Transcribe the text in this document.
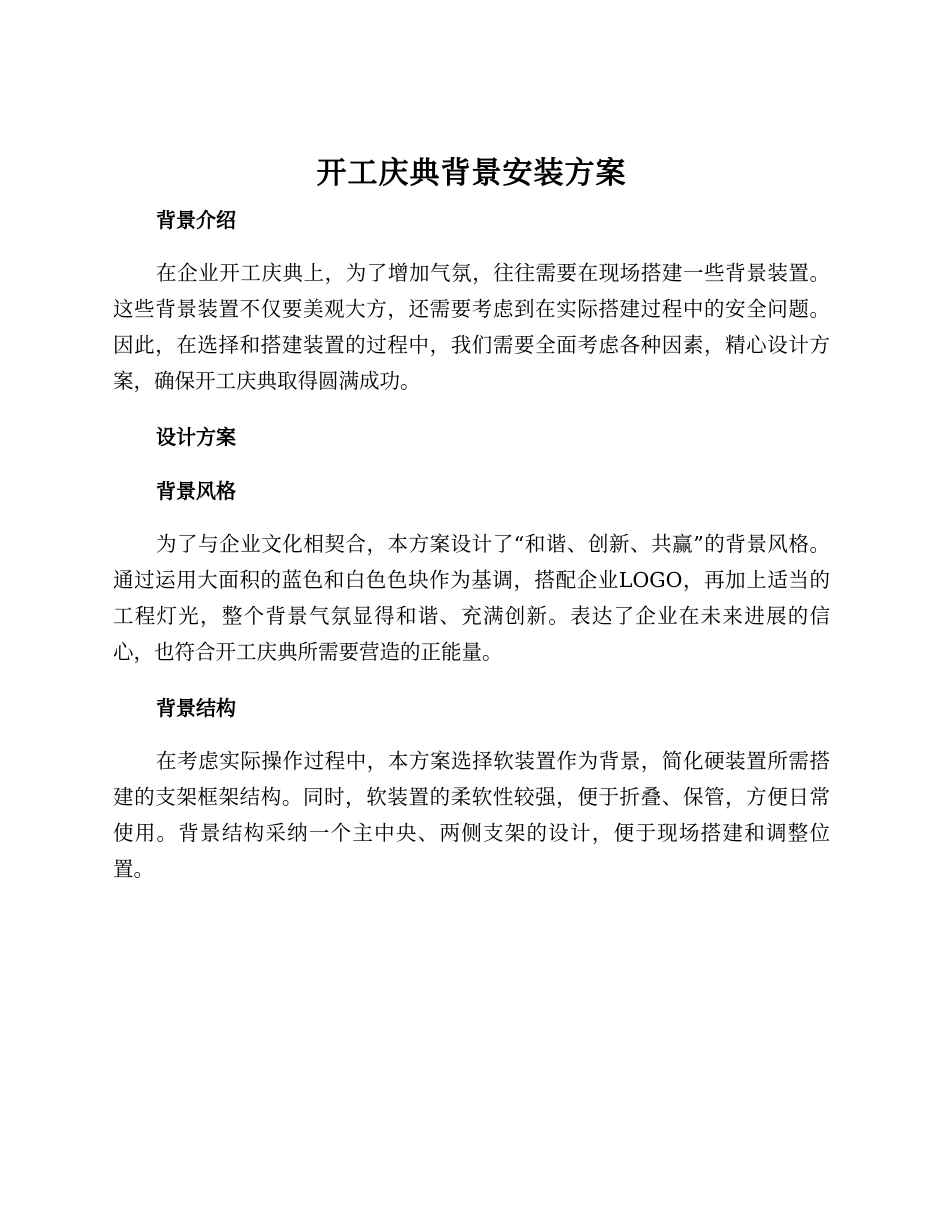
开工庆典背景安装方案
背景介绍

在企业开工庆典上，为了增加气氛，往往需要在现场搭建一些背景装置。这些背景装置不仅要美观大方，还需要考虑到在实际搭建过程中的安全问题。因此，在选择和搭建装置的过程中，我们需要全面考虑各种因素，精心设计方案，确保开工庆典取得圆满成功。

设计方案
背景风格

为了与企业文化相契合，本方案设计了“和谐、创新、共赢”的背景风格。通过运用大面积的蓝色和白色色块作为基调，搭配企业LOGO，再加上适当的工程灯光，整个背景气氛显得和谐、充满创新。表达了企业在未来进展的信心，也符合开工庆典所需要营造的正能量。

背景结构

在考虑实际操作过程中，本方案选择软装置作为背景，简化硬装置所需搭建的支架框架结构。同时，软装置的柔软性较强，便于折叠、保管，方便日常使用。背景结构采纳一个主中央、两侧支架的设计，便于现场搭建和调整位置。
